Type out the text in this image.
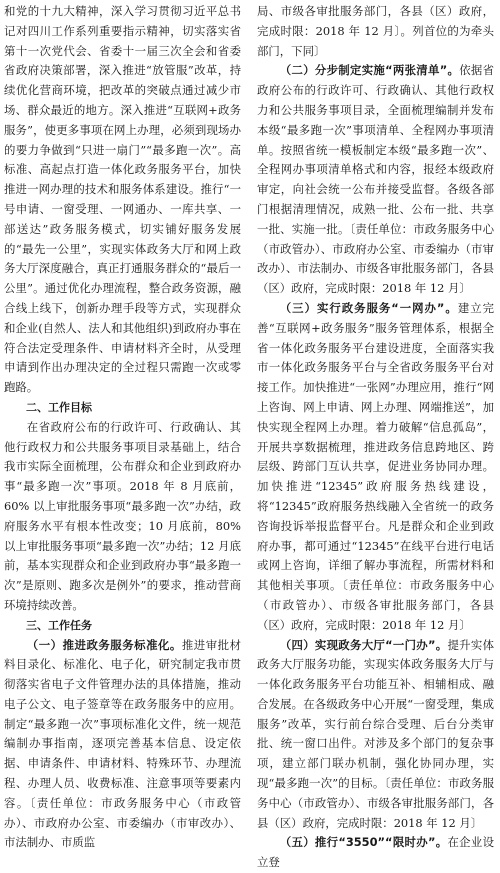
和党的十九大精神，深入学习贯彻习近平总书记对四川工作系列重要指示精神，切实落实省第十一次党代会、省委十一届三次全会和省委省政府决策部署，深入推进“放管服”改革，持续优化营商环境，把改革的突破点通过减少市场、群众最近的地方。深入推进“互联网+政务服务”，使更多事项在网上办理，必须到现场办的要力争做到“只进一扇门”“最多跑一次”。高标准、高起点打造一体化政务服务平台，加快推进一网办理的技术和服务体系建设。推行“一号申请、一窗受理、一网通办、一库共享、一部送达”政务服务模式，切实铺好服务发展的“最先一公里”，实现实体政务大厅和网上政务大厅深度融合，真正打通服务群众的“最后一公里”。通过优化办理流程，整合政务资源，融合线上线下，创新办理手段等方式，实现群众和企业(自然人、法人和其他组织)到政府办事在符合法定受理条件、申请材料齐全时，从受理申请到作出办理决定的全过程只需跑一次或零跑路。

二、工作目标

在省政府公布的行政许可、行政确认、其他行政权力和公共服务事项目录基础上，结合我市实际全面梳理，公布群众和企业到政府办事“最多跑一次”事项。2018 年 8 月底前，60% 以上审批服务事项“最多跑一次”办结，政府服务水平有根本性改变；10 月底前，80% 以上审批服务事项“最多跑一次”办结；12 月底前，基本实现群众和企业到政府办事“最多跑一次”是原则、跑多次是例外”的要求，推动营商环境持续改善。

三、工作任务

（一）推进政务服务标准化。推进审批材料目录化、标准化、电子化，研究制定我市贯彻落实省电子文件管理办法的具体措施，推动电子公文、电子签章等在政务服务中的应用。制定“最多跑一次”事项标准化文件，统一规范编制办事指南，逐项完善基本信息、设定依据、申请条件、申请材料、特殊环节、办理流程、办理人员、收费标准、注意事项等要素内容。〔责任单位：市政务服务中心（市政管办）、市政府办公室、市委编办（市审改办）、市法制办、市质监

局、市级各审批服务部门，各县（区）政府，完成时限：2018 年 12 月〕。列首位的为牵头部门，下同〕

（二）分步制定实施“两张清单”。依据省政府公布的行政许可、行政确认、其他行政权力和公共服务事项目录，全面梳理编制并发布本级“最多跑一次”事项清单、全程网办事项清单。按照省统一模板制定本级“最多跑一次”、全程网办事项清单格式和内容，报经本级政府审定，向社会统一公布并接受监督。各级各部门根据清理情况，成熟一批、公布一批、共享一批、实施一批。〔责任单位：市政务服务中心（市政管办）、市政府办公室、市委编办（市审改办）、市法制办、市级各审批服务部门，各县（区）政府，完成时限：2018 年 12 月〕

（三）实行政务服务“一网办”。建立完善“互联网+政务服务”服务管理体系，根据全省一体化政务服务平台建设进度，全面落实我市一体化政务服务平台与全省政务服务平台对接工作。加快推进“一张网”办理应用，推行“网上咨询、网上申请、网上办理、网端推送”，加快实现全程网上办理。着力破解“信息孤岛”，开展共享数据梳理，推进政务信息跨地区、跨层级、跨部门互认共享，促进业务协同办理。加快推进“12345”政府服务热线建设，将“12345”政府服务热线融入全省统一的政务咨询投诉举报监督平台。凡是群众和企业到政府办事，都可通过“12345”在线平台进行电话或网上咨询，详细了解办事流程，所需材料和其他相关事项。〔责任单位：市政务服务中心（市政管办）、市级各审批服务部门，各县（区）政府，完成时限：2018 年 12 月〕

（四）实现政务大厅“一门办”。提升实体政务大厅服务功能，实现实体政务服务大厅与一体化政务服务平台功能互补、相辅相成、融合发展。在各级政务中心开展“一窗受理，集成服务”改革，实行前台综合受理、后台分类审批、统一窗口出件。对涉及多个部门的复杂事项，建立部门联办机制，强化协同办理，实现“最多跑一次”的目标。〔责任单位：市政务服务中心（市政管办）、市级各审批服务部门，各县（区）政府，完成时限：2018 年 12 月〕

（五）推行“3550”“限时办”。在企业设立登
